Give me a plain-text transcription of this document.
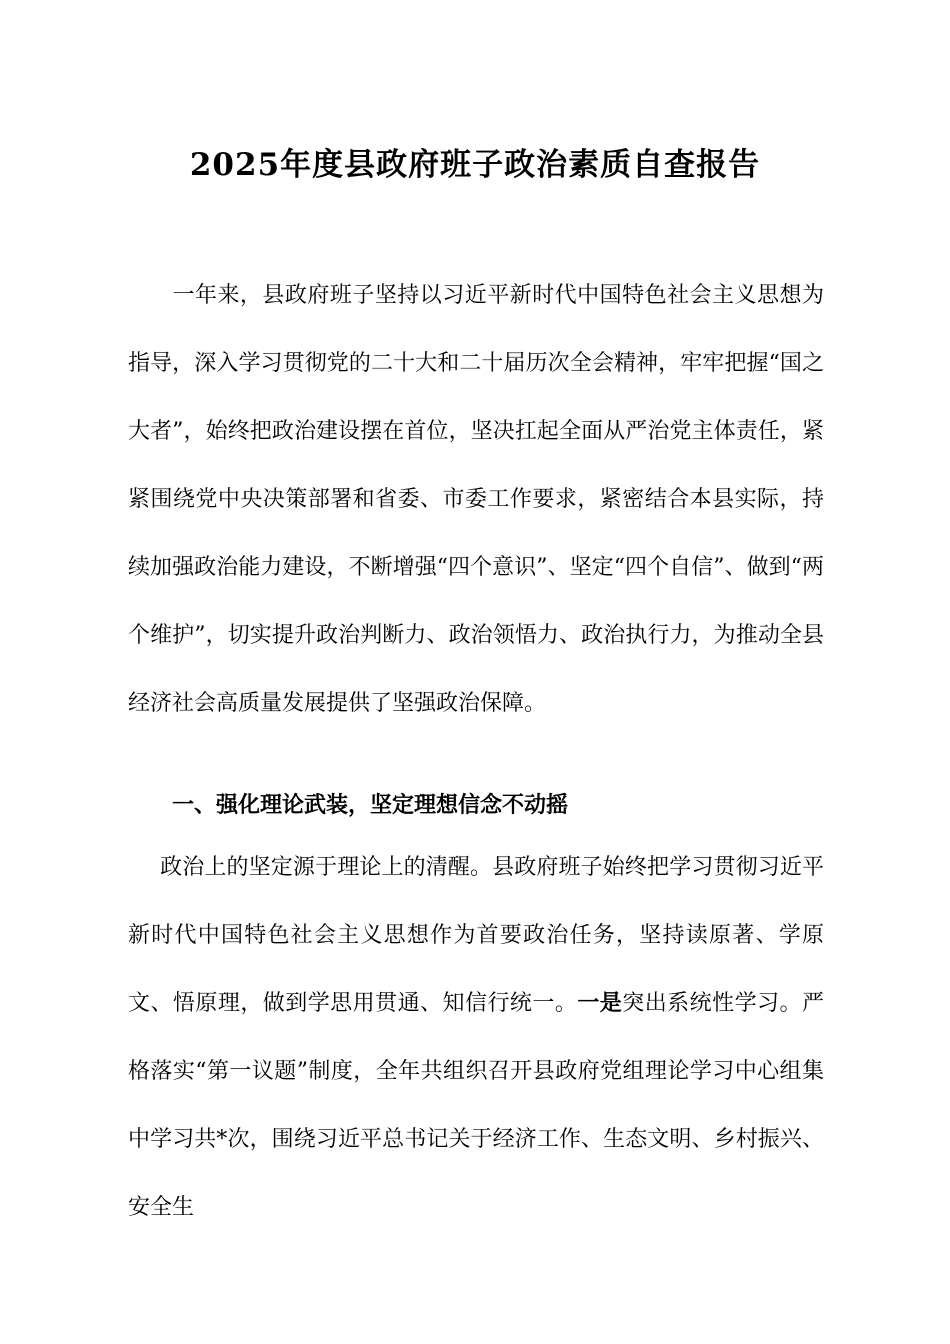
2025年度县政府班子政治素质自查报告

一年来，县政府班子坚持以习近平新时代中国特色社会主义思想为指导，深入学习贯彻党的二十大和二十届历次全会精神，牢牢把握“国之大者”，始终把政治建设摆在首位，坚决扛起全面从严治党主体责任，紧紧围绕党中央决策部署和省委、市委工作要求，紧密结合本县实际，持续加强政治能力建设，不断增强“四个意识”、坚定“四个自信”、做到“两个维护”，切实提升政治判断力、政治领悟力、政治执行力，为推动全县经济社会高质量发展提供了坚强政治保障。

一、强化理论武装，坚定理想信念不动摇

政治上的坚定源于理论上的清醒。县政府班子始终把学习贯彻习近平新时代中国特色社会主义思想作为首要政治任务，坚持读原著、学原文、悟原理，做到学思用贯通、知信行统一。一是突出系统性学习。严格落实“第一议题”制度，全年共组织召开县政府党组理论学习中心组集中学习共*次，围绕习近平总书记关于经济工作、生态文明、乡村振兴、安全生
